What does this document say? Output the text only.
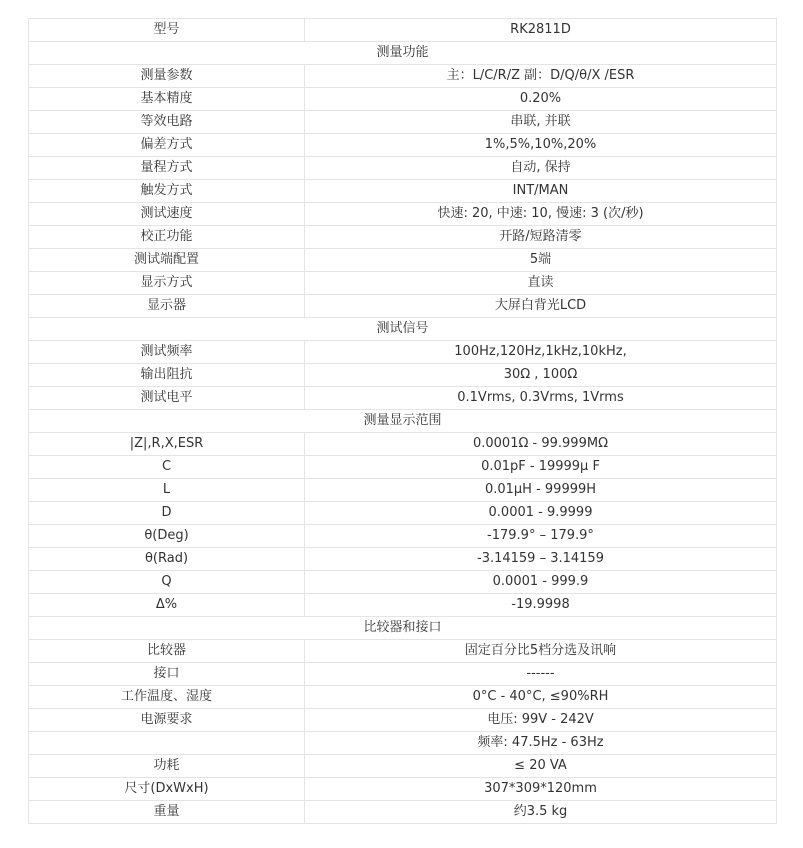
型号	RK2811D
测量功能	
测量参数	主：L/C/R/Z 副：D/Q/θ/X /ESR
基本精度	0.20%
等效电路	串联, 并联
偏差方式	1%,5%,10%,20%
量程方式	自动, 保持
触发方式	INT/MAN
测试速度	快速: 20, 中速: 10, 慢速: 3 (次/秒)
校正功能	开路/短路清零
测试端配置	5端
显示方式	直读
显示器	大屏白背光LCD
测试信号	
测试频率	100Hz,120Hz,1kHz,10kHz,
输出阻抗	30Ω , 100Ω
测试电平	0.1Vrms, 0.3Vrms, 1Vrms
测量显示范围	
|Z|,R,X,ESR	0.0001Ω - 99.999MΩ
C	0.01pF - 19999μ F
L	0.01μH - 99999H
D	0.0001 - 9.9999
θ(Deg)	-179.9° – 179.9°
θ(Rad)	-3.14159 – 3.14159
Q	0.0001 - 999.9
Δ%	-19.9998
比较器和接口	
比较器	固定百分比5档分选及讯响
接口	------
工作温度、湿度	0°C - 40°C, ≤90%RH
电源要求	电压: 99V - 242V
	频率: 47.5Hz - 63Hz
功耗	≤ 20 VA
尺寸(DxWxH)	307*309*120mm
重量	约3.5 kg
